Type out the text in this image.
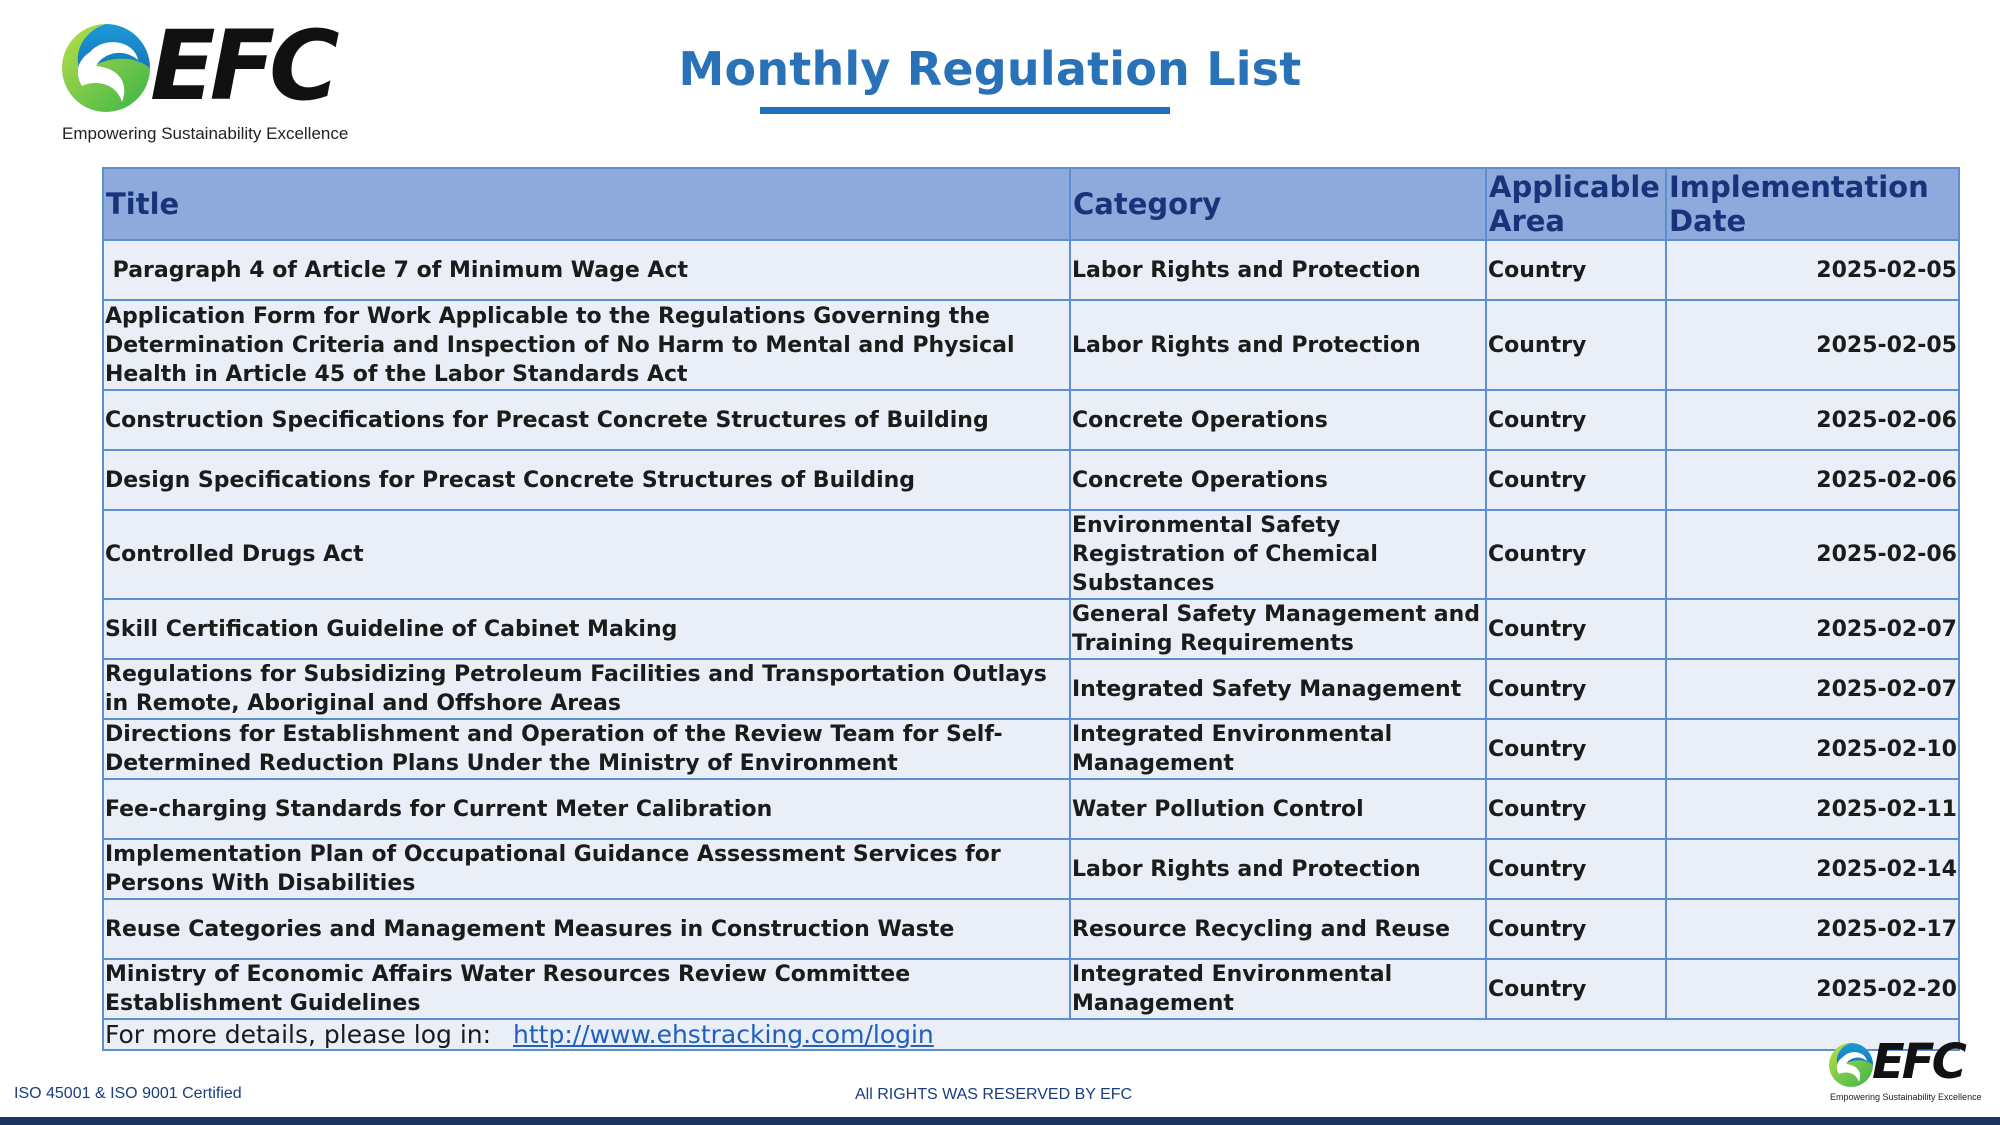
EFC
Empowering Sustainability Excellence
Monthly Regulation List
Title	Category	Applicable Area	Implementation Date
Paragraph 4 of Article 7 of Minimum Wage Act	Labor Rights and Protection	Country	2025-02-05
Application Form for Work Applicable to the Regulations Governing the Determination Criteria and Inspection of No Harm to Mental and Physical Health in Article 45 of the Labor Standards Act	Labor Rights and Protection	Country	2025-02-05
Construction Specifications for Precast Concrete Structures of Building	Concrete Operations	Country	2025-02-06
Design Specifications for Precast Concrete Structures of Building	Concrete Operations	Country	2025-02-06
Controlled Drugs Act	Environmental Safety Registration of Chemical Substances	Country	2025-02-06
Skill Certification Guideline of Cabinet Making	General Safety Management and Training Requirements	Country	2025-02-07
Regulations for Subsidizing Petroleum Facilities and Transportation Outlays in Remote, Aboriginal and Offshore Areas	Integrated Safety Management	Country	2025-02-07
Directions for Establishment and Operation of the Review Team for Self-Determined Reduction Plans Under the Ministry of Environment	Integrated Environmental Management	Country	2025-02-10
Fee-charging Standards for Current Meter Calibration	Water Pollution Control	Country	2025-02-11
Implementation Plan of Occupational Guidance Assessment Services for Persons With Disabilities	Labor Rights and Protection	Country	2025-02-14
Reuse Categories and Management Measures in Construction Waste	Resource Recycling and Reuse	Country	2025-02-17
Ministry of Economic Affairs Water Resources Review Committee Establishment Guidelines	Integrated Environmental Management	Country	2025-02-20
For more details, please log in: http://www.ehstracking.com/login			
ISO 45001 & ISO 9001 Certified	All RIGHTS WAS RESERVED BY EFC
EFC
Empowering Sustainability Excellence
